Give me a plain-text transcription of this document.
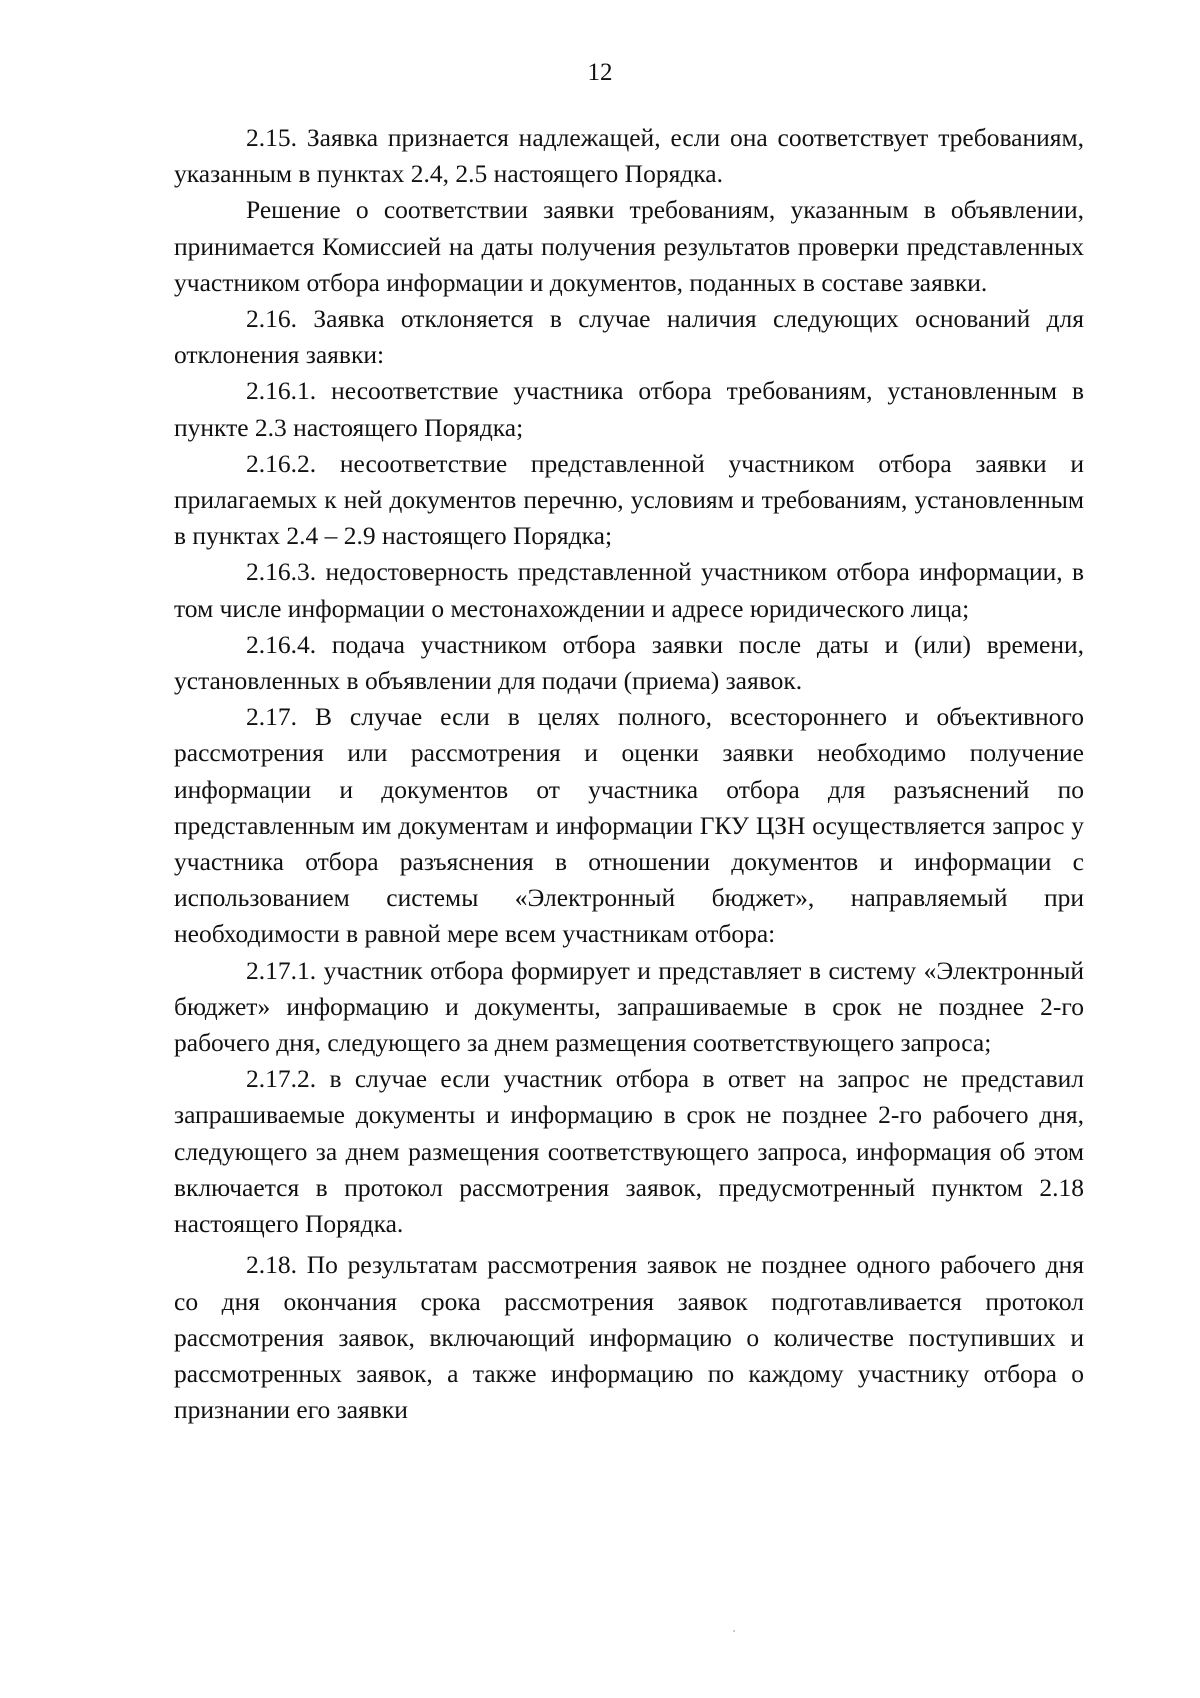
12

2.15. Заявка признается надлежащей, если она соответствует требованиям, указанным в пунктах 2.4, 2.5 настоящего Порядка.

Решение о соответствии заявки требованиям, указанным в объявлении, принимается Комиссией на даты получения результатов проверки представленных участником отбора информации и документов, поданных в составе заявки.

2.16. Заявка отклоняется в случае наличия следующих оснований для отклонения заявки:

2.16.1. несоответствие участника отбора требованиям, установленным в пункте 2.3 настоящего Порядка;

2.16.2. несоответствие представленной участником отбора заявки и прилагаемых к ней документов перечню, условиям и требованиям, установленным в пунктах 2.4 – 2.9 настоящего Порядка;

2.16.3. недостоверность представленной участником отбора информации, в том числе информации о местонахождении и адресе юридического лица;

2.16.4. подача участником отбора заявки после даты и (или) времени, установленных в объявлении для подачи (приема) заявок.

2.17. В случае если в целях полного, всестороннего и объективного рассмотрения или рассмотрения и оценки заявки необходимо получение информации и документов от участника отбора для разъяснений по представленным им документам и информации ГКУ ЦЗН осуществляется запрос у участника отбора разъяснения в отношении документов и информации с использованием системы «Электронный бюджет», направляемый при необходимости в равной мере всем участникам отбора:

2.17.1. участник отбора формирует и представляет в систему «Электронный бюджет» информацию и документы, запрашиваемые в срок не позднее 2-го рабочего дня, следующего за днем размещения соответствующего запроса;

2.17.2. в случае если участник отбора в ответ на запрос не представил запрашиваемые документы и информацию в срок не позднее 2-го рабочего дня, следующего за днем размещения соответствующего запроса, информация об этом включается в протокол рассмотрения заявок, предусмотренный пунктом 2.18 настоящего Порядка.

2.18. По результатам рассмотрения заявок не позднее одного рабочего дня со дня окончания срока рассмотрения заявок подготавливается протокол рассмотрения заявок, включающий информацию о количестве поступивших и рассмотренных заявок, а также информацию по каждому участнику отбора о признании его заявки
